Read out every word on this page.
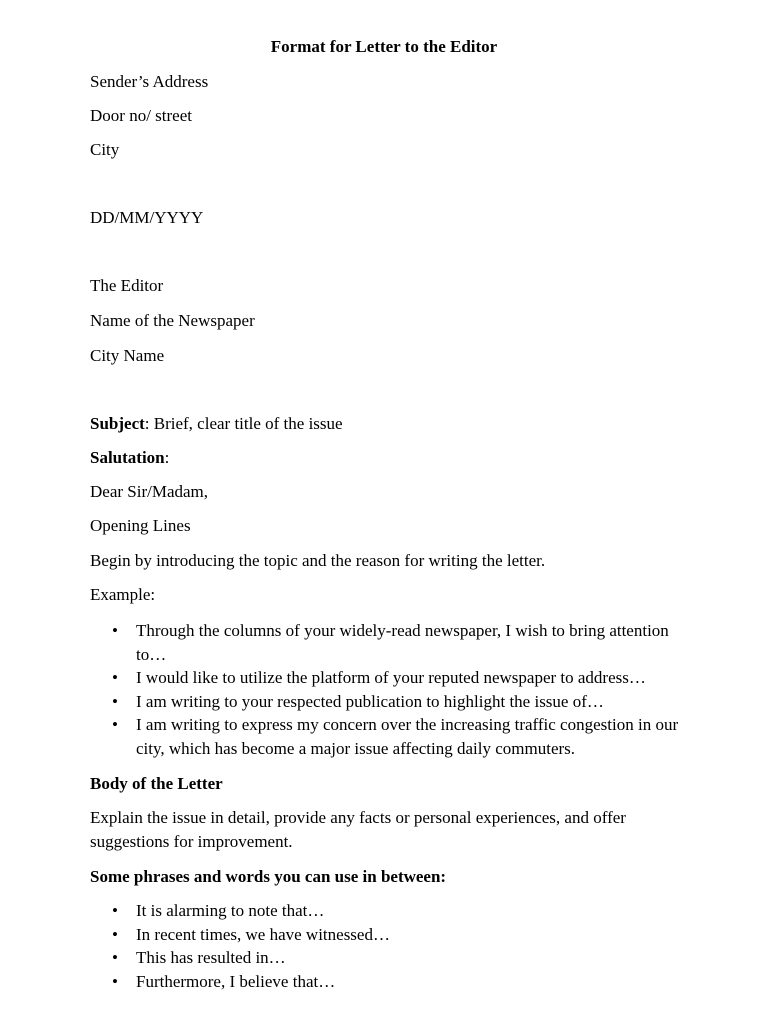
Format for Letter to the Editor
Sender’s Address
Door no/ street
City
DD/MM/YYYY
The Editor
Name of the Newspaper
City Name
Subject: Brief, clear title of the issue
Salutation:
Dear Sir/Madam,
Opening Lines
Begin by introducing the topic and the reason for writing the letter.
Example:
• Through the columns of your widely-read newspaper, I wish to bring attention to…
• I would like to utilize the platform of your reputed newspaper to address…
• I am writing to your respected publication to highlight the issue of…
• I am writing to express my concern over the increasing traffic congestion in our city, which has become a major issue affecting daily commuters.
Body of the Letter
Explain the issue in detail, provide any facts or personal experiences, and offer suggestions for improvement.
Some phrases and words you can use in between:
• It is alarming to note that…
• In recent times, we have witnessed…
• This has resulted in…
• Furthermore, I believe that…
